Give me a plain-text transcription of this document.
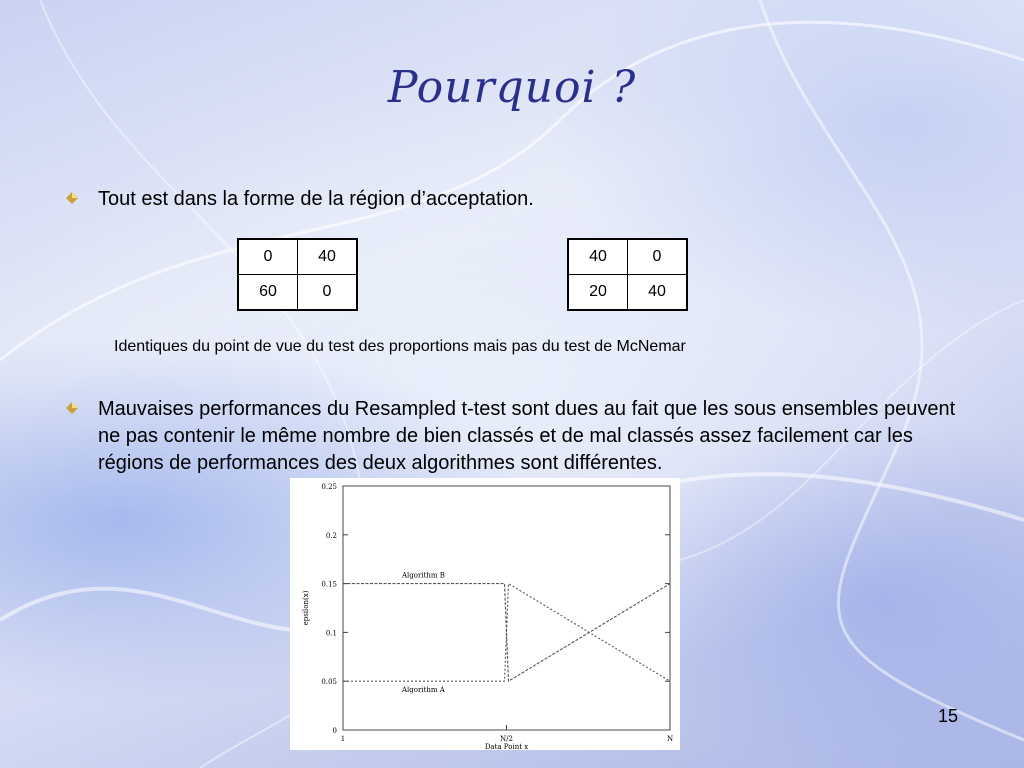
Pourquoi ?
Tout est dans la forme de la région d’acceptation.
0	40
60	0
40	0
20	40
Identiques du point de vue du test des proportions mais pas du test de McNemar
Mauvaises performances du Resampled t-test sont dues au fait que les sous ensembles peuvent ne pas contenir le même nombre de bien classés et de mal classés assez facilement car les régions de performances des deux algorithmes sont différentes.
0
0.05
0.1
0.15
0.2
0.25
1	N/2	N
Data Point x
epsilon(x)
Algorithm B
Algorithm A
15
